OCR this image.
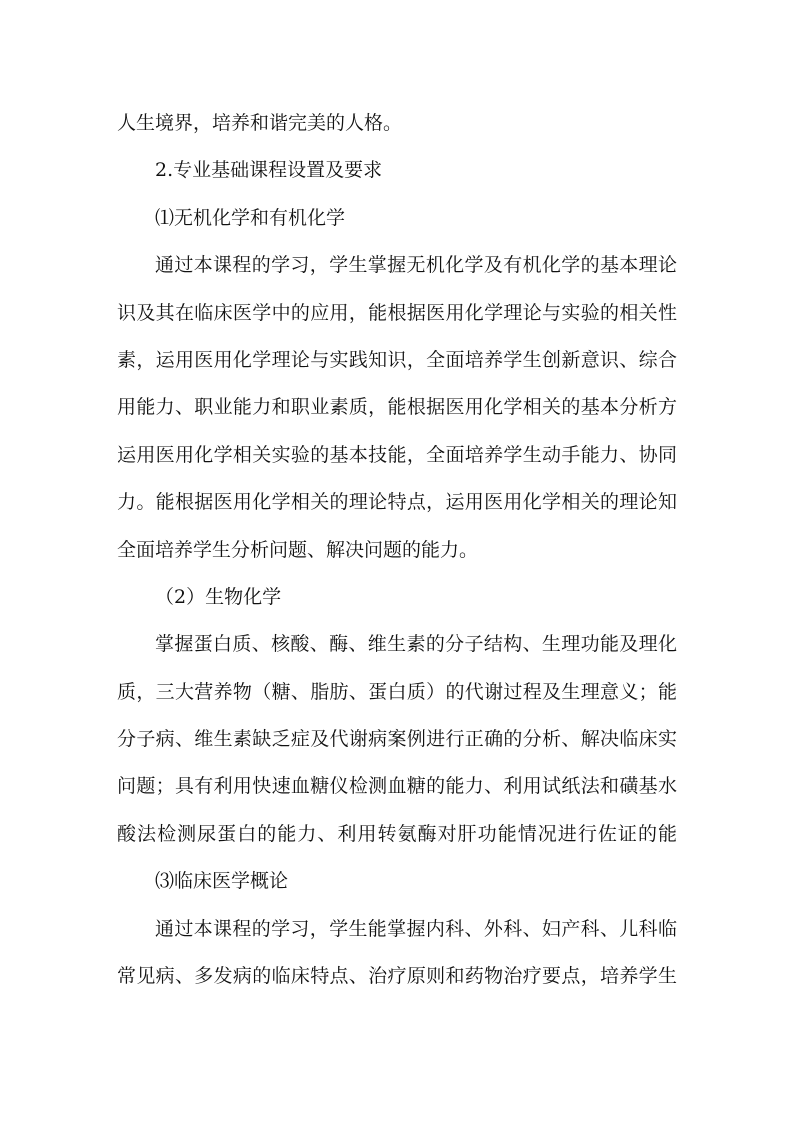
人生境界，培养和谐完美的人格。
2.专业基础课程设置及要求
⑴无机化学和有机化学
通过本课程的学习，学生掌握无机化学及有机化学的基本理论
识及其在临床医学中的应用，能根据医用化学理论与实验的相关性
素，运用医用化学理论与实践知识，全面培养学生创新意识、综合
用能力、职业能力和职业素质，能根据医用化学相关的基本分析方
运用医用化学相关实验的基本技能，全面培养学生动手能力、协同
力。能根据医用化学相关的理论特点，运用医用化学相关的理论知
全面培养学生分析问题、解决问题的能力。
（2）生物化学
掌握蛋白质、核酸、酶、维生素的分子结构、生理功能及理化
质，三大营养物（糖、脂肪、蛋白质）的代谢过程及生理意义；能
分子病、维生素缺乏症及代谢病案例进行正确的分析、解决临床实
问题；具有利用快速血糖仪检测血糖的能力、利用试纸法和磺基水
酸法检测尿蛋白的能力、利用转氨酶对肝功能情况进行佐证的能
⑶临床医学概论
通过本课程的学习，学生能掌握内科、外科、妇产科、儿科临
常见病、多发病的临床特点、治疗原则和药物治疗要点，培养学生
